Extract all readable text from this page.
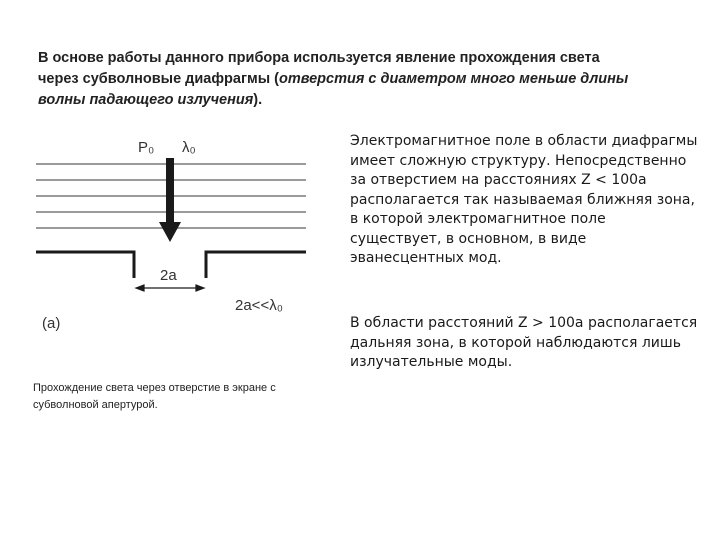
В основе работы данного прибора используется явление прохождения света через субволновые диафрагмы (отверстия с диаметром много меньше длины волны падающего излучения).
P₀ λ₀
2a
2a<<λ₀
(a)
Электромагнитное поле в области диафрагмы имеет сложную структуру. Непосредственно за отверстием на расстояниях Z < 100a располагается так называемая ближняя зона, в которой электромагнитное поле существует, в основном, в виде эванесцентных мод.
В области расстояний Z > 100a располагается дальняя зона, в которой наблюдаются лишь излучательные моды.
Прохождение света через отверстие в экране с субволновой апертурой.
